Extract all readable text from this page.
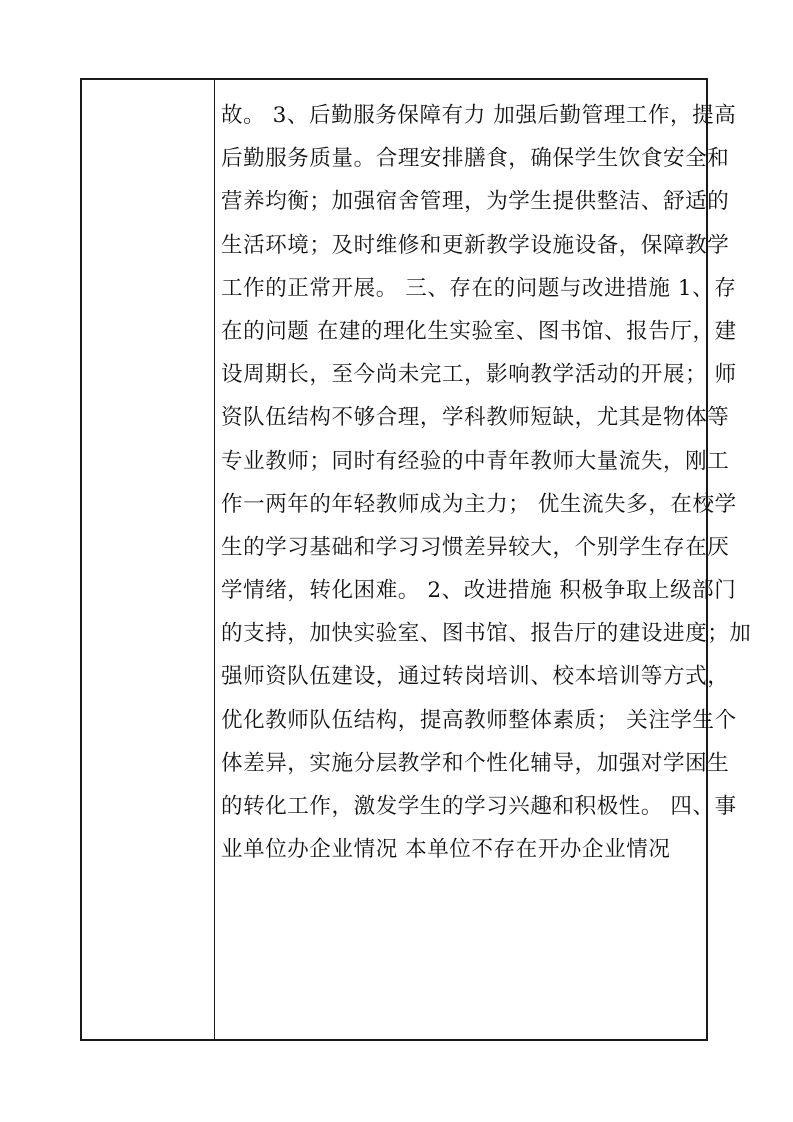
故。 3、后勤服务保障有力 加强后勤管理工作，提高
后勤服务质量。合理安排膳食，确保学生饮食安全和
营养均衡；加强宿舍管理，为学生提供整洁、舒适的
生活环境；及时维修和更新教学设施设备，保障教学
工作的正常开展。 三、存在的问题与改进措施 1、存
在的问题 在建的理化生实验室、图书馆、报告厅，建
设周期长，至今尚未完工，影响教学活动的开展； 师
资队伍结构不够合理，学科教师短缺，尤其是物体等
专业教师；同时有经验的中青年教师大量流失，刚工
作一两年的年轻教师成为主力； 优生流失多，在校学
生的学习基础和学习习惯差异较大，个别学生存在厌
学情绪，转化困难。 2、改进措施 积极争取上级部门
的支持，加快实验室、图书馆、报告厅的建设进度；加
强师资队伍建设，通过转岗培训、校本培训等方式，
优化教师队伍结构，提高教师整体素质； 关注学生个
体差异，实施分层教学和个性化辅导，加强对学困生
的转化工作，激发学生的学习兴趣和积极性。 四、事
业单位办企业情况 本单位不存在开办企业情况
